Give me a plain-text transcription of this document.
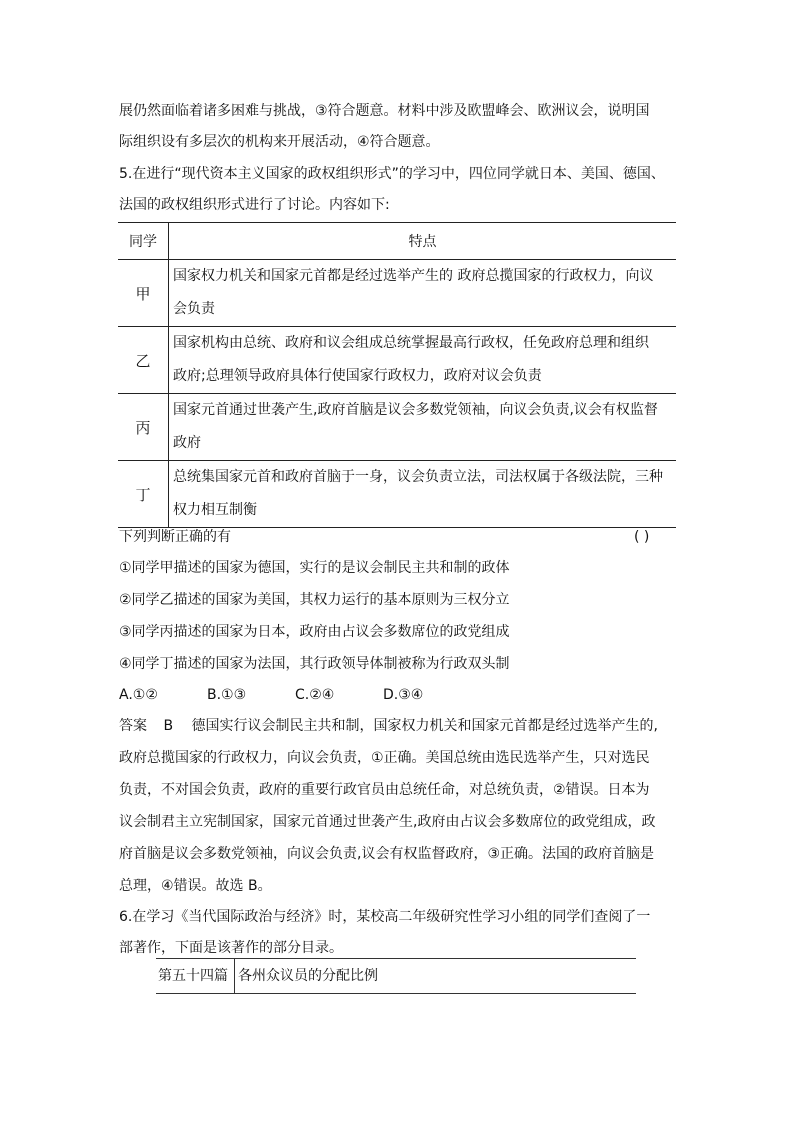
展仍然面临着诸多困难与挑战，③符合题意。材料中涉及欧盟峰会、欧洲议会，说明国
际组织设有多层次的机构来开展活动，④符合题意。
5.在进行“现代资本主义国家的政权组织形式”的学习中，四位同学就日本、美国、德国、
法国的政权组织形式进行了讨论。内容如下:
同学	特点
甲	国家权力机关和国家元首都是经过选举产生的 政府总揽国家的行政权力，向议
会负责

乙	国家机构由总统、政府和议会组成总统掌握最高行政权，任免政府总理和组织
政府;总理领导政府具体行使国家行政权力，政府对议会负责

丙	国家元首通过世袭产生,政府首脑是议会多数党领袖，向议会负责,议会有权监督
政府

丁	总统集国家元首和政府首脑于一身，议会负责立法，司法权属于各级法院，三种
权力相互制衡
下列判断正确的有	( )
①同学甲描述的国家为德国，实行的是议会制民主共和制的政体
②同学乙描述的国家为美国，其权力运行的基本原则为三权分立
③同学丙描述的国家为日本，政府由占议会多数席位的政党组成
④同学丁描述的国家为法国，其行政领导体制被称为行政双头制
A.①②	B.①③	C.②④	D.③④
答案 B 德国实行议会制民主共和制，国家权力机关和国家元首都是经过选举产生的,
政府总揽国家的行政权力，向议会负责，①正确。美国总统由选民选举产生，只对选民
负责，不对国会负责，政府的重要行政官员由总统任命，对总统负责，②错误。日本为
议会制君主立宪制国家，国家元首通过世袭产生,政府由占议会多数席位的政党组成，政
府首脑是议会多数党领袖，向议会负责,议会有权监督政府，③正确。法国的政府首脑是
总理，④错误。故选 B。
6.在学习《当代国际政治与经济》时，某校高二年级研究性学习小组的同学们查阅了一
部著作，下面是该著作的部分目录。
第五十四篇 各州众议员的分配比例
